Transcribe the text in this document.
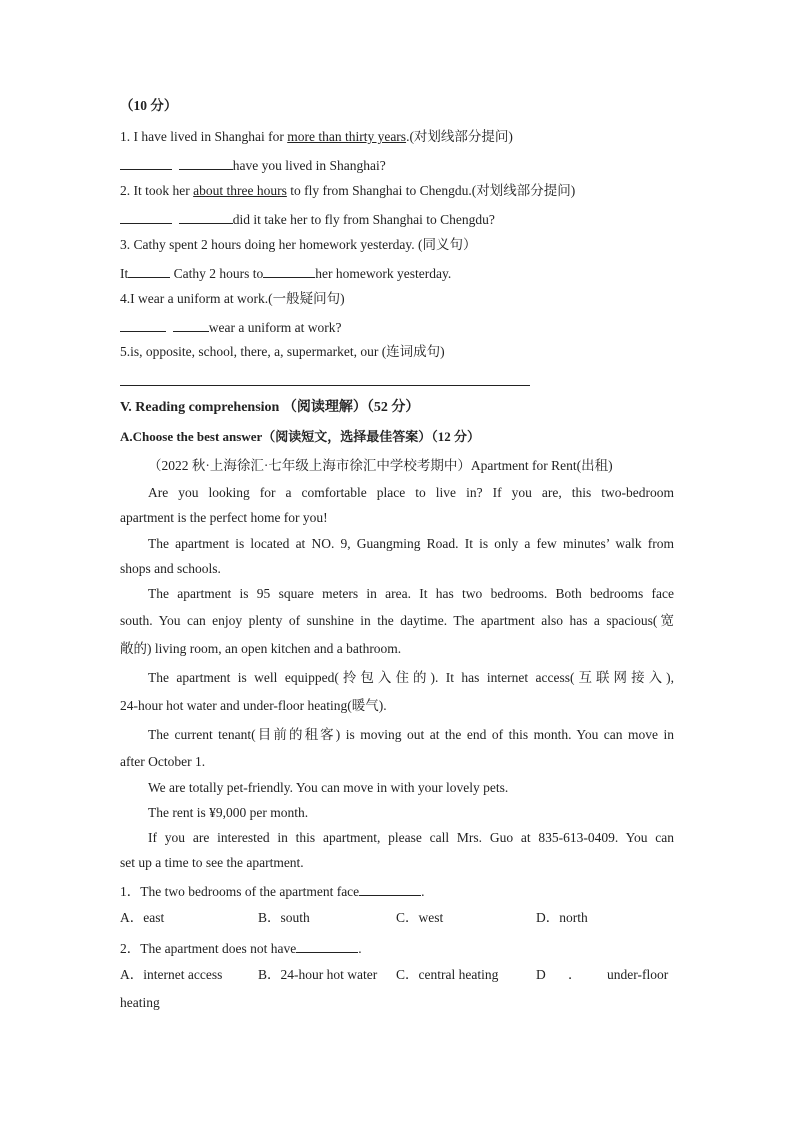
（10 分）
1. I have lived in Shanghai for more than thirty years.(对划线部分提问)
have you lived in Shanghai?
2. It took her about three hours to fly from Shanghai to Chengdu.(对划线部分提问)
did it take her to fly from Shanghai to Chengdu?
3. Cathy spent 2 hours doing her homework yesterday. (同义句）
It	Cathy 2 hours to	her homework yesterday.
4.I wear a uniform at work.(一般疑问句)
wear a uniform at work?
5.is, opposite, school, there, a, supermarket, our (连词成句)
V. Reading comprehension （阅读理解）（52 分）
A.Choose the best answer（阅读短文，选择最佳答案）（12 分）
（2022 秋·上海徐汇·七年级上海市徐汇中学校考期中）Apartment for Rent(出租)
Are you looking for a comfortable place to live in? If you are, this two-bedroom
apartment is the perfect home for you!
The apartment is located at NO. 9, Guangming Road. It is only a few minutes’ walk from
shops and schools.
The apartment is 95 square meters in area. It has two bedrooms. Both bedrooms face
south. You can enjoy plenty of sunshine in the daytime. The apartment also has a spacious(宽
敞的) living room, an open kitchen and a bathroom.
The apartment is well equipped(拎包入住的). It has internet access(互联网接入),
24-hour hot water and under-floor heating(暖气).
The current tenant(目前的租客) is moving out at the end of this month. You can move in
after October 1.
We are totally pet-friendly. You can move in with your lovely pets.
The rent is ¥9,000 per month.
If you are interested in this apartment, please call Mrs. Guo at 835-613-0409. You can
set up a time to see the apartment.
1．The two bedrooms of the apartment face	.
A．east	B．south	C．west	D．north
2．The apartment does not have	.
A．internet access	B．24-hour hot water C．central heating	D ． under-floor
heating
